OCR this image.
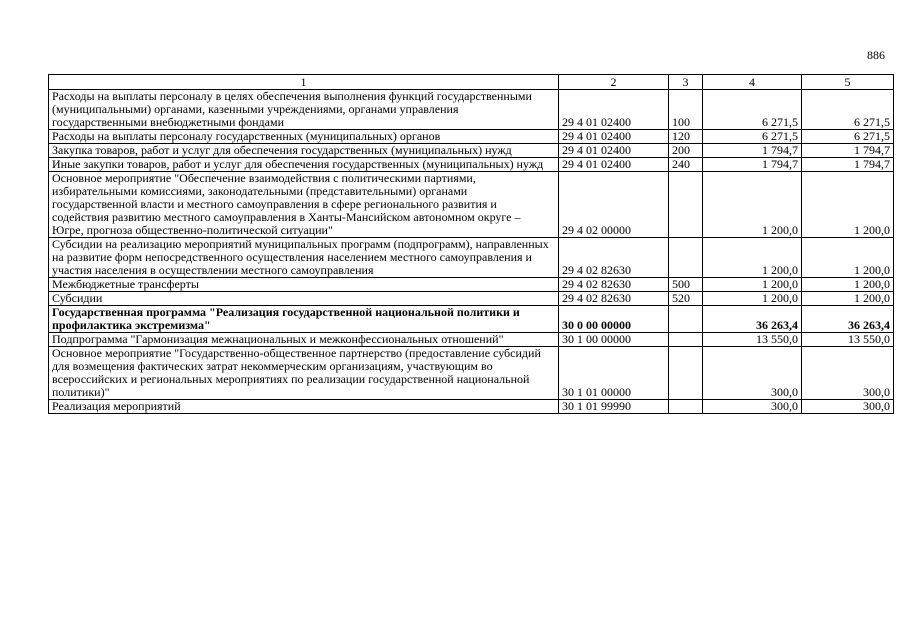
886
1	2	3	4	5
Расходы на выплаты персоналу в целях обеспечения выполнения функций государственными (муниципальными) органами, казенными учреждениями, органами управления государственными внебюджетными фондами	29 4 01 02400	100	6 271,5	6 271,5
Расходы на выплаты персоналу государственных (муниципальных) органов	29 4 01 02400	120	6 271,5	6 271,5
Закупка товаров, работ и услуг для обеспечения государственных (муниципальных) нужд	29 4 01 02400	200	1 794,7	1 794,7
Иные закупки товаров, работ и услуг для обеспечения государственных (муниципальных) нужд	29 4 01 02400	240	1 794,7	1 794,7
Основное мероприятие "Обеспечение взаимодействия с политическими партиями, избирательными комиссиями, законодательными (представительными) органами государственной власти и местного самоуправления в сфере регионального развития и содействия развитию местного самоуправления в Ханты-Мансийском автономном округе – Югре, прогноза общественно-политической ситуации"	29 4 02 00000		1 200,0	1 200,0
Субсидии на реализацию мероприятий муниципальных программ (подпрограмм), направленных на развитие форм непосредственного осуществления населением местного самоуправления и участия населения в осуществлении местного самоуправления	29 4 02 82630		1 200,0	1 200,0
Межбюджетные трансферты	29 4 02 82630	500	1 200,0	1 200,0
Субсидии	29 4 02 82630	520	1 200,0	1 200,0
Государственная программа "Реализация государственной национальной политики и профилактика экстремизма"	30 0 00 00000		36 263,4	36 263,4
Подпрограмма "Гармонизация межнациональных и межконфессиональных отношений"	30 1 00 00000		13 550,0	13 550,0
Основное мероприятие "Государственно-общественное партнерство (предоставление субсидий для возмещения фактических затрат некоммерческим организациям, участвующим во всероссийских и региональных мероприятиях по реализации государственной национальной политики)"	30 1 01 00000		300,0	300,0
Реализация мероприятий	30 1 01 99990		300,0	300,0
